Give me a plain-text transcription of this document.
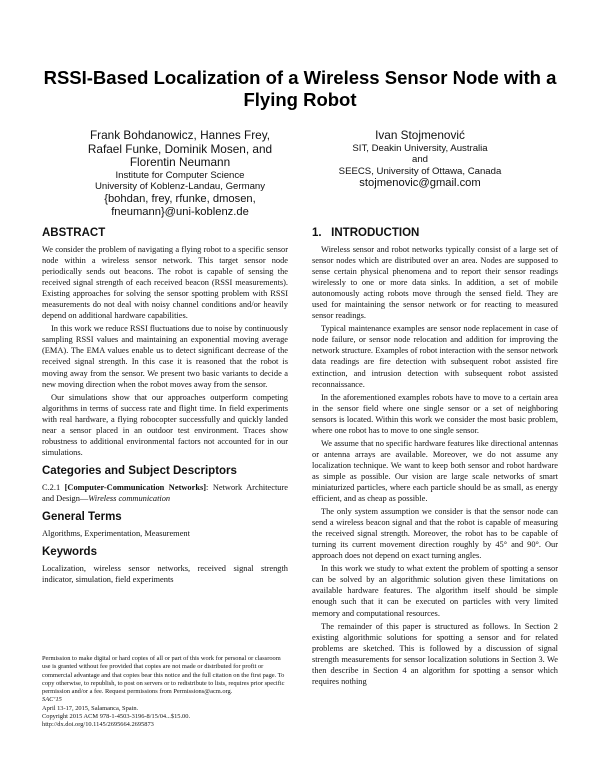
RSSI-Based Localization of a Wireless Sensor Node with a
Flying Robot
Frank Bohdanowicz, Hannes Frey,
Rafael Funke, Dominik Mosen, and
Florentin Neumann
Institute for Computer Science
University of Koblenz-Landau, Germany
{bohdan, frey, rfunke, dmosen,
fneumann}@uni-koblenz.de
Ivan Stojmenović
SIT, Deakin University, Australia
and
SEECS, University of Ottawa, Canada
stojmenovic@gmail.com
ABSTRACT

We consider the problem of navigating a flying robot to a specific sensor node within a wireless sensor network. This target sensor node periodically sends out beacons. The robot is capable of sensing the received signal strength of each received beacon (RSSI measurements). Existing approaches for solving the sensor spotting problem with RSSI measurements do not deal with noisy channel conditions and/or heavily depend on additional hardware capabilities.

In this work we reduce RSSI fluctuations due to noise by continuously sampling RSSI values and maintaining an exponential moving average (EMA). The EMA values enable us to detect significant decrease of the received signal strength. In this case it is reasoned that the robot is moving away from the sensor. We present two basic variants to decide a new moving direction when the robot moves away from the sensor.

Our simulations show that our approaches outperform competing algorithms in terms of success rate and flight time. In field experiments with real hardware, a flying robocopter successfully and quickly landed near a sensor placed in an outdoor test environment. Traces show robustness to additional environmental factors not accounted for in our simulations.

Categories and Subject Descriptors

C.2.1 [Computer-Communication Networks]: Network Architecture and Design—Wireless communication

General Terms

Algorithms, Experimentation, Measurement

Keywords

Localization, wireless sensor networks, received signal strength indicator, simulation, field experiments

Permission to make digital or hard copies of all or part of this work for personal or classroom use is granted without fee provided that copies are not made or distributed for profit or commercial advantage and that copies bear this notice and the full citation on the first page. To copy otherwise, to republish, to post on servers or to redistribute to lists, requires prior specific permission and/or a fee. Request permissions from Permissions@acm.org.
SAC’15
April 13-17, 2015, Salamanca, Spain.
Copyright 2015 ACM 978-1-4503-3196-8/15/04...$15.00.
http://dx.doi.org/10.1145/2695664.2695873
1.   INTRODUCTION

Wireless sensor and robot networks typically consist of a large set of sensor nodes which are distributed over an area. Nodes are supposed to sense certain physical phenomena and to report their sensor readings wirelessly to one or more data sinks. In addition, a set of mobile autonomously acting robots move through the sensed field. They are used for maintaining the sensor network or for reacting to measured sensor readings.

Typical maintenance examples are sensor node replacement in case of node failure, or sensor node relocation and addition for improving the network structure. Examples of robot interaction with the sensor network data readings are fire detection with subsequent robot assisted fire extinction, and intrusion detection with subsequent robot assisted reconnaissance.

In the aforementioned examples robots have to move to a certain area in the sensor field where one single sensor or a set of neighboring sensors is located. Within this work we consider the most basic problem, where one robot has to move to one single sensor.

We assume that no specific hardware features like directional antennas or antenna arrays are available. Moreover, we do not assume any localization technique. We want to keep both sensor and robot hardware as simple as possible. Our vision are large scale networks of smart miniaturized particles, where each particle should be as small, as energy efficient, and as cheap as possible.

The only system assumption we consider is that the sensor node can send a wireless beacon signal and that the robot is capable of measuring the received signal strength. Moreover, the robot has to be capable of turning its current movement direction roughly by 45° and 90°. Our approach does not depend on exact turning angles.

In this work we study to what extent the problem of spotting a sensor can be solved by an algorithmic solution given these limitations on available hardware features. The algorithm itself should be simple enough such that it can be executed on particles with very limited memory and computational resources.

The remainder of this paper is structured as follows. In Section 2 existing algorithmic solutions for spotting a sensor and for related problems are sketched. This is followed by a discussion of signal strength measurements for sensor localization solutions in Section 3. We then describe in Section 4 an algorithm for spotting a sensor which requires nothing
